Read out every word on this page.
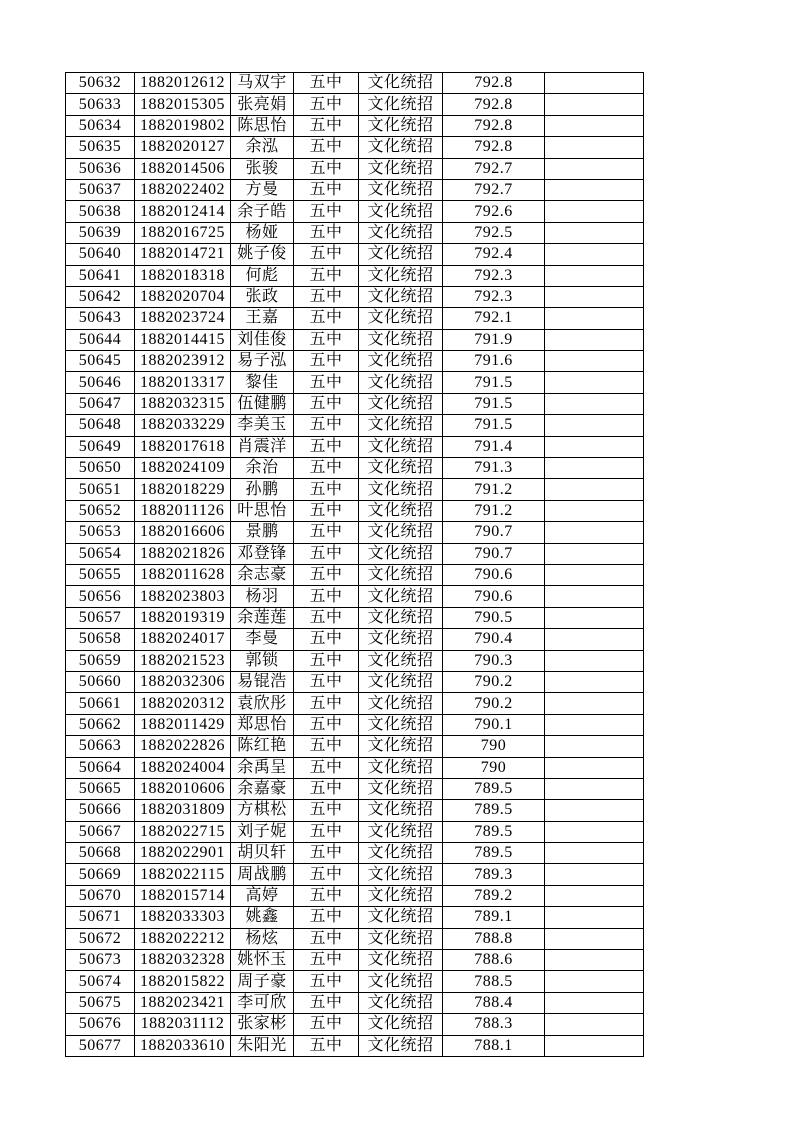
50632	1882012612	马双宇	五中	文化统招	792.8	
50633	1882015305	张亮娟	五中	文化统招	792.8	
50634	1882019802	陈思怡	五中	文化统招	792.8	
50635	1882020127	余泓	五中	文化统招	792.8	
50636	1882014506	张骏	五中	文化统招	792.7	
50637	1882022402	方曼	五中	文化统招	792.7	
50638	1882012414	余子皓	五中	文化统招	792.6	
50639	1882016725	杨娅	五中	文化统招	792.5	
50640	1882014721	姚子俊	五中	文化统招	792.4	
50641	1882018318	何彪	五中	文化统招	792.3	
50642	1882020704	张政	五中	文化统招	792.3	
50643	1882023724	王嘉	五中	文化统招	792.1	
50644	1882014415	刘佳俊	五中	文化统招	791.9	
50645	1882023912	易子泓	五中	文化统招	791.6	
50646	1882013317	黎佳	五中	文化统招	791.5	
50647	1882032315	伍健鹏	五中	文化统招	791.5	
50648	1882033229	李美玉	五中	文化统招	791.5	
50649	1882017618	肖震洋	五中	文化统招	791.4	
50650	1882024109	余治	五中	文化统招	791.3	
50651	1882018229	孙鹏	五中	文化统招	791.2	
50652	1882011126	叶思怡	五中	文化统招	791.2	
50653	1882016606	景鹏	五中	文化统招	790.7	
50654	1882021826	邓登锋	五中	文化统招	790.7	
50655	1882011628	余志豪	五中	文化统招	790.6	
50656	1882023803	杨羽	五中	文化统招	790.6	
50657	1882019319	余莲莲	五中	文化统招	790.5	
50658	1882024017	李曼	五中	文化统招	790.4	
50659	1882021523	郭锁	五中	文化统招	790.3	
50660	1882032306	易锟浩	五中	文化统招	790.2	
50661	1882020312	袁欣彤	五中	文化统招	790.2	
50662	1882011429	郑思怡	五中	文化统招	790.1	
50663	1882022826	陈红艳	五中	文化统招	790	
50664	1882024004	余禹呈	五中	文化统招	790	
50665	1882010606	余嘉豪	五中	文化统招	789.5	
50666	1882031809	方棋松	五中	文化统招	789.5	
50667	1882022715	刘子妮	五中	文化统招	789.5	
50668	1882022901	胡贝轩	五中	文化统招	789.5	
50669	1882022115	周战鹏	五中	文化统招	789.3	
50670	1882015714	高婷	五中	文化统招	789.2	
50671	1882033303	姚鑫	五中	文化统招	789.1	
50672	1882022212	杨炫	五中	文化统招	788.8	
50673	1882032328	姚怀玉	五中	文化统招	788.6	
50674	1882015822	周子豪	五中	文化统招	788.5	
50675	1882023421	李可欣	五中	文化统招	788.4	
50676	1882031112	张家彬	五中	文化统招	788.3	
50677	1882033610	朱阳光	五中	文化统招	788.1	
